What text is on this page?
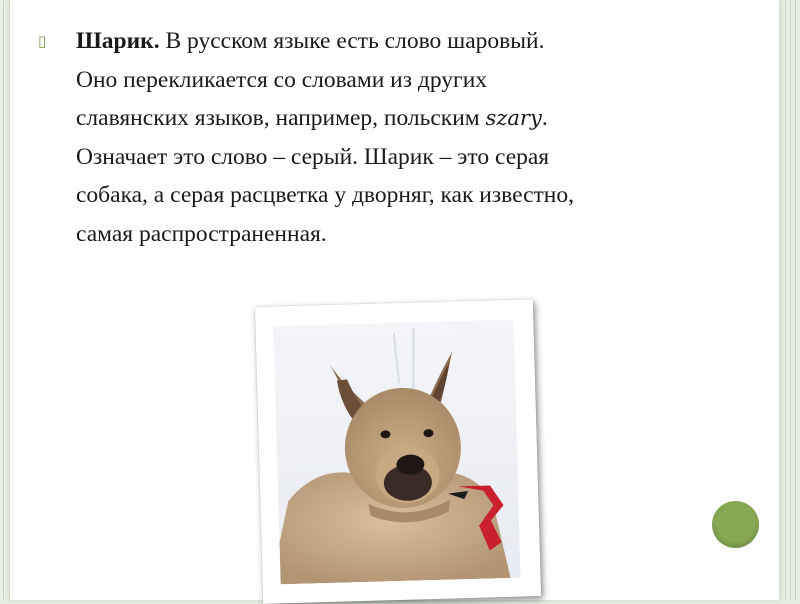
▯	Шарик. В русском языке есть слово шаровый.
Оно перекликается со словами из других
славянских языков, например, польским szary.
Означает это слово – серый. Шарик – это серая
собака, а серая расцветка у дворняг, как известно,
самая распространенная.
